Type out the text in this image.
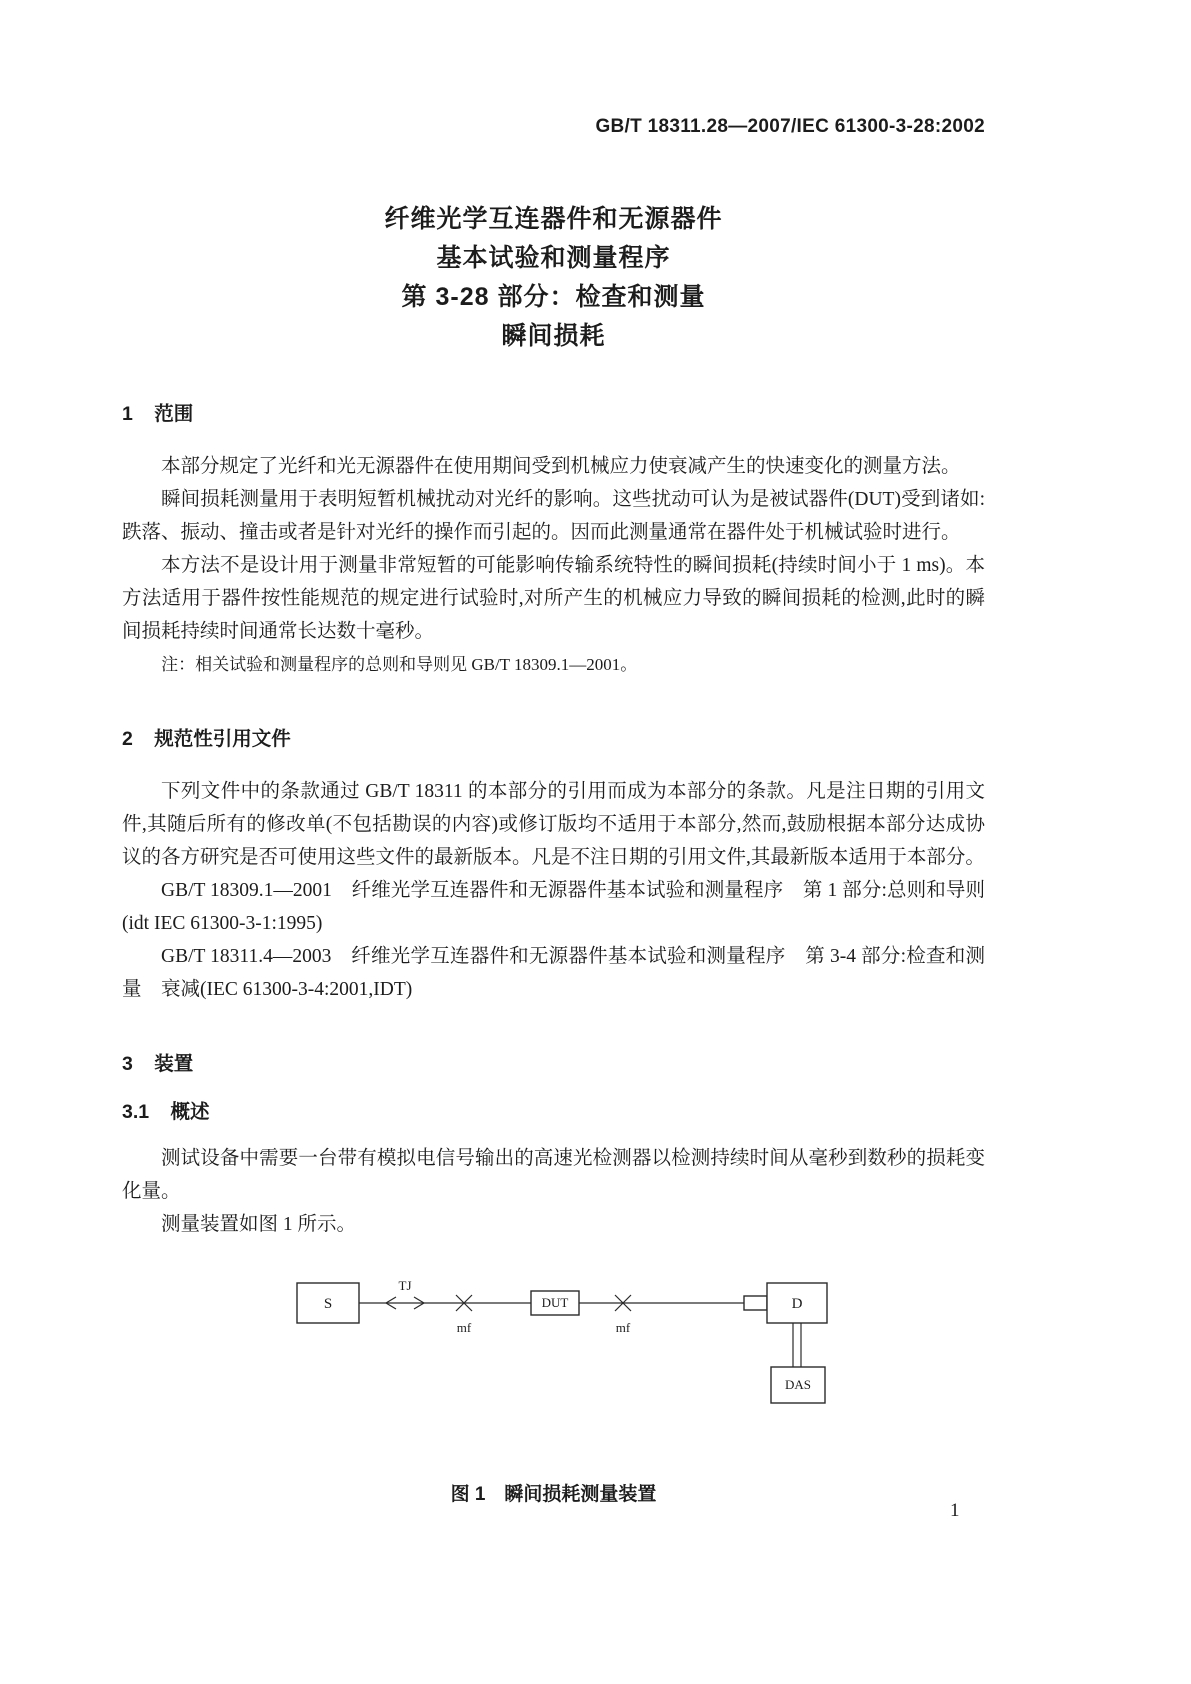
GB/T 18311.28—2007/IEC 61300-3-28:2002
纤维光学互连器件和无源器件
基本试验和测量程序
第 3-28 部分：检查和测量
瞬间损耗
1 范围

本部分规定了光纤和光无源器件在使用期间受到机械应力使衰减产生的快速变化的测量方法。

瞬间损耗测量用于表明短暂机械扰动对光纤的影响。这些扰动可认为是被试器件(DUT)受到诸如:跌落、振动、撞击或者是针对光纤的操作而引起的。因而此测量通常在器件处于机械试验时进行。

本方法不是设计用于测量非常短暂的可能影响传输系统特性的瞬间损耗(持续时间小于 1 ms)。本方法适用于器件按性能规范的规定进行试验时,对所产生的机械应力导致的瞬间损耗的检测,此时的瞬间损耗持续时间通常长达数十毫秒。

注：相关试验和测量程序的总则和导则见 GB/T 18309.1—2001。

2 规范性引用文件

下列文件中的条款通过 GB/T 18311 的本部分的引用而成为本部分的条款。凡是注日期的引用文件,其随后所有的修改单(不包括勘误的内容)或修订版均不适用于本部分,然而,鼓励根据本部分达成协议的各方研究是否可使用这些文件的最新版本。凡是不注日期的引用文件,其最新版本适用于本部分。

GB/T 18309.1—2001　纤维光学互连器件和无源器件基本试验和测量程序　第 1 部分:总则和导则(idt IEC 61300-3-1:1995)

GB/T 18311.4—2003　纤维光学互连器件和无源器件基本试验和测量程序　第 3-4 部分:检查和测量　衰减(IEC 61300-3-4:2001,IDT)

3 装置
3.1 概述

测试设备中需要一台带有模拟电信号输出的高速光检测器以检测持续时间从毫秒到数秒的损耗变化量。

测量装置如图 1 所示。

S
TJ
mf
DUT
mf
D
DAS
图 1　瞬间损耗测量装置
1
